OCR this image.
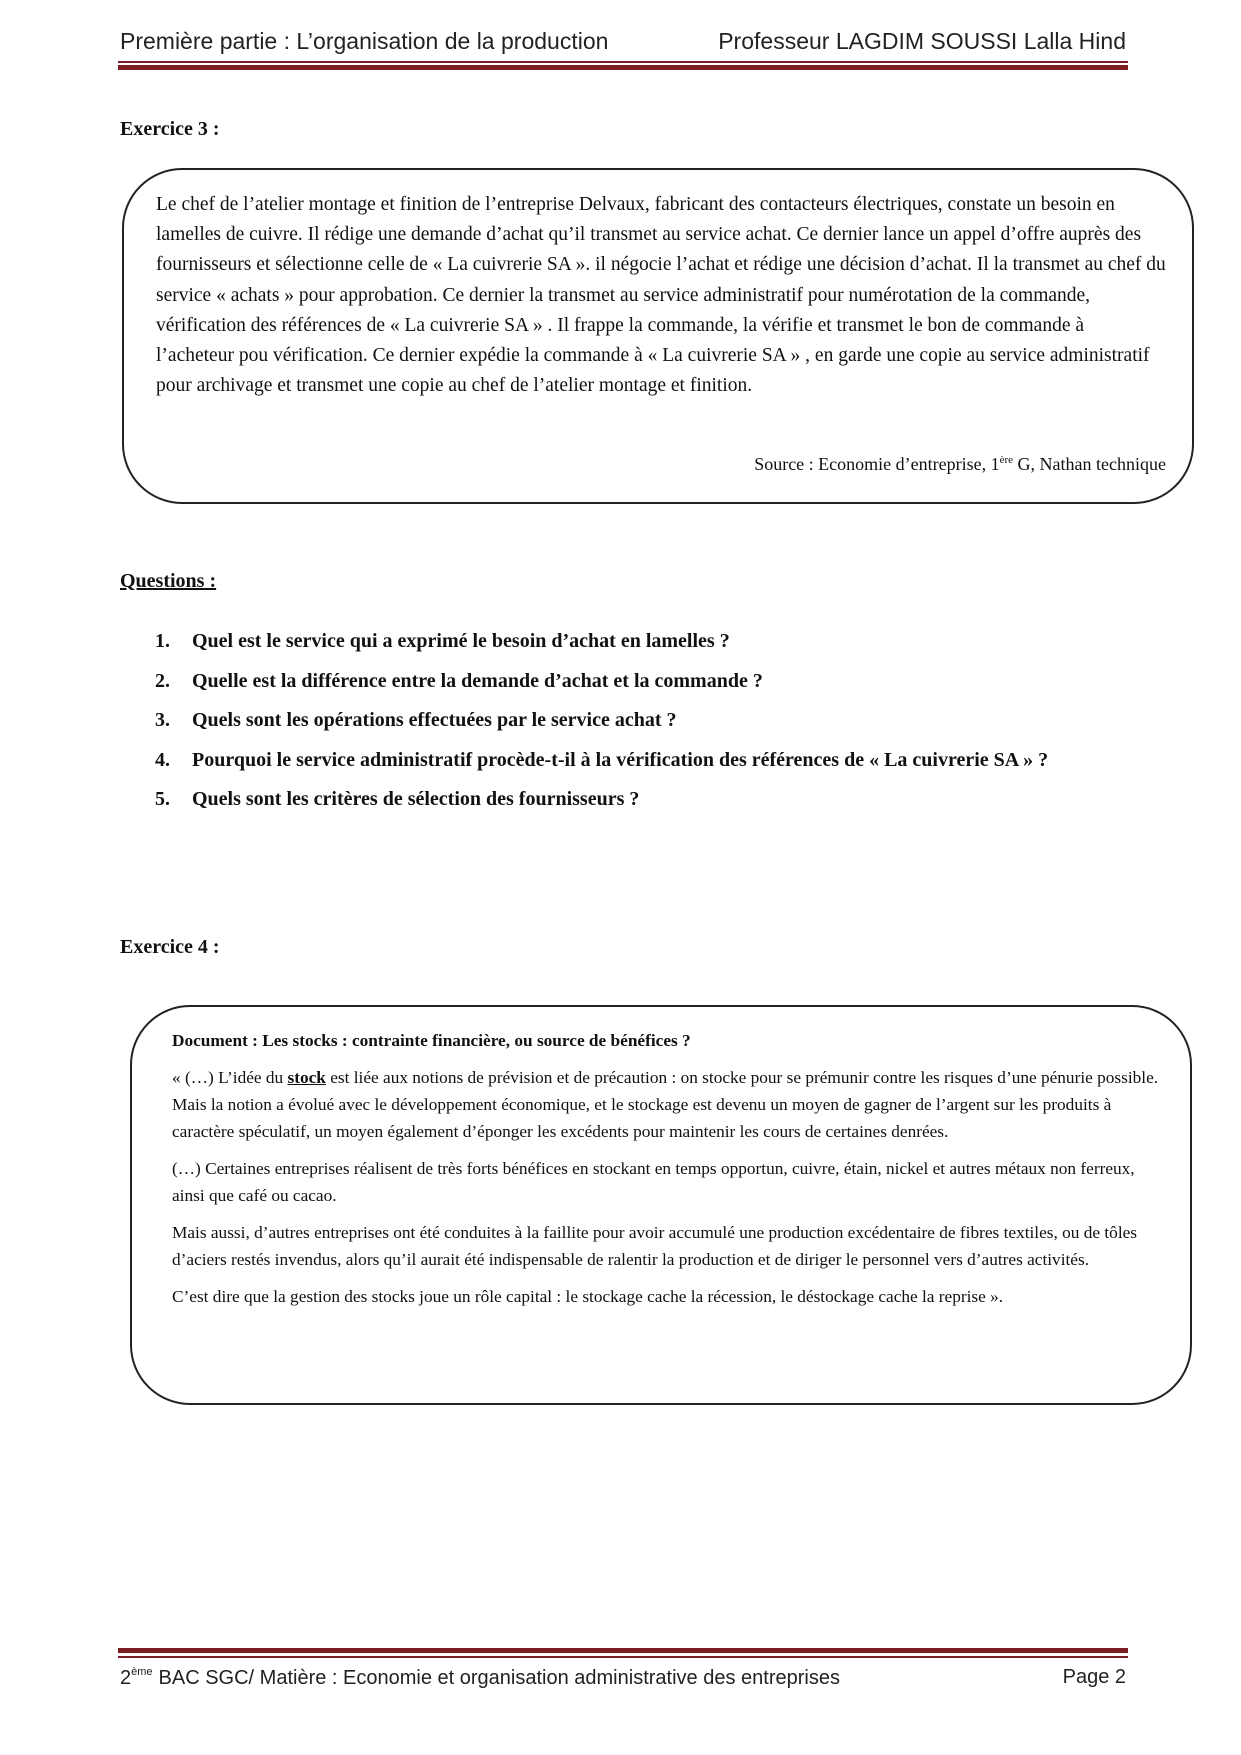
Première partie : L’organisation de la production	Professeur LAGDIM SOUSSI Lalla Hind
Exercice 3 :
Le chef de l’atelier montage et finition de l’entreprise Delvaux, fabricant des contacteurs électriques, constate un besoin en lamelles de cuivre. Il rédige une demande d’achat qu’il transmet au service achat. Ce dernier lance un appel d’offre auprès des fournisseurs et sélectionne celle de « La cuivrerie SA ». il négocie l’achat et rédige une décision d’achat. Il la transmet au chef du service « achats » pour approbation. Ce dernier la transmet au service administratif pour numérotation de la commande, vérification des références de « La cuivrerie SA » . Il frappe la commande, la vérifie et transmet le bon de commande à l’acheteur pou vérification. Ce dernier expédie la commande à « La cuivrerie SA » , en garde une copie au service administratif pour archivage et transmet une copie au chef de l’atelier montage et finition.
Source : Economie d’entreprise, 1ère G, Nathan technique
Questions :
1. Quel est le service qui a exprimé le besoin d’achat en lamelles ?
2. Quelle est la différence entre la demande d’achat et la commande ?
3. Quels sont les opérations effectuées par le service achat ?
4. Pourquoi le service administratif procède-t-il à la vérification des références de « La cuivrerie SA » ?
5. Quels sont les critères de sélection des fournisseurs ?
Exercice 4 :
Document : Les stocks : contrainte financière, ou source de bénéfices ?

« (…) L’idée du stock est liée aux notions de prévision et de précaution : on stocke pour se prémunir contre les risques d’une pénurie possible. Mais la notion a évolué avec le développement économique, et le stockage est devenu un moyen de gagner de l’argent sur les produits à caractère spéculatif, un moyen également d’éponger les excédents pour maintenir les cours de certaines denrées.

(…) Certaines entreprises réalisent de très forts bénéfices en stockant en temps opportun, cuivre, étain, nickel et autres métaux non ferreux, ainsi que café ou cacao.

Mais aussi, d’autres entreprises ont été conduites à la faillite pour avoir accumulé une production excédentaire de fibres textiles, ou de tôles d’aciers restés invendus, alors qu’il aurait été indispensable de ralentir la production et de diriger le personnel vers d’autres activités.

C’est dire que la gestion des stocks joue un rôle capital : le stockage cache la récession, le déstockage cache la reprise ».

2ème BAC SGC/ Matière : Economie et organisation administrative des entreprises	Page 2
